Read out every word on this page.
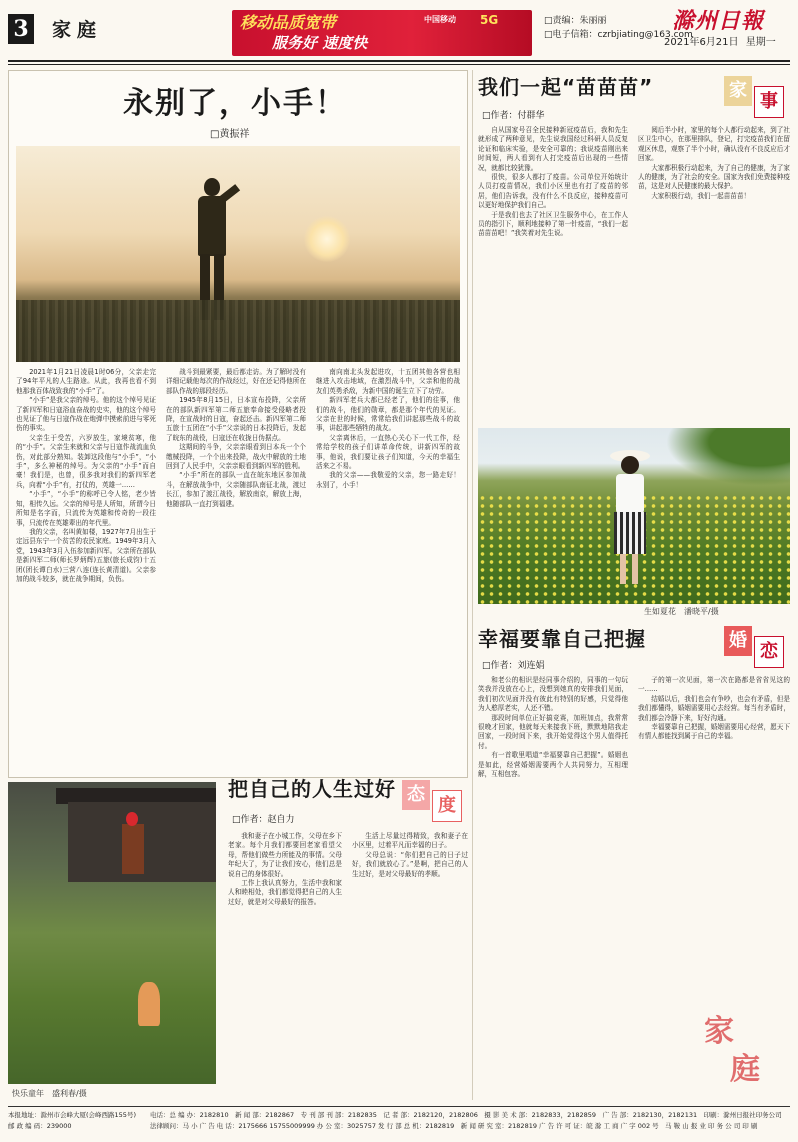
3 家庭	移动品质宽带
服务好 速度快
中国移动 5G	□责编：朱丽丽
□电子信箱：czrbjiating@163.com
滁州日報
2021年6月21日 星期一
永别了，小手！
□黄振祥

2021年1月21日凌晨1时06分，父亲走完了94年平凡的人生路途。从此，我再也看不到他那我百体战致我的“小手”了。

“小手”是我父亲的绰号。他的这个绰号见证了新四军和日寇浴血奋战的史实，他的这个绰号也见证了他与日寇作战在炮弹中摸索前进与零死伤的事实。

父亲生于受苦，六岁放生，家境贫寒，他的“小手”。父亲生来就和父亲与日寇作战流血负伤，对此部分熟知。装卸这段他与“小手”，“小手”，多么神秘的绰号。为父亲的“小手”而自豪！我们是，也曾，很多我对我们的新四军老兵，向着“小手”有，打仗的，英雄一……

“小手”，“小手”的称呼已令人铭，老少皆知，相传久远。父亲的绰号是人所知，所谓今日所知是名字而，只流传为英雄和传奇的一段往事，只流传在英雄辈出的年代里。

我的父亲，名叫黄如楼，1927年7月出生于定远县东宁一个贫苦的农民家庭。1949年3月入党，1943年3月入伍参加新四军。父亲所在部队是新四军二师(师长罗炳辉)五旅(旅长成钧)十五团(团长谭白水)三营八连(连长黄清道)。父亲参加的战斗较多，就在战争期间，负伤。

战斗到最紧要，最后都走访。为了解时没有详细记载他每次的作战经过，好在还记得他所在部队作战的那段经历。

1945年8月15日，日本宣布投降，父亲所在的部队新四军第二师五旅奉命接受侵略者投降，在宣战时的日寇，奋起还击。新四军第二师五旅十五团在“小手”父亲说的日本投降后，发起了皖东的战役，日寇还在收拢日伪据点。

这期间的斗争，父亲亲眼看到日本兵一个个缴械投降，一个个出来投降，战火中解放的土地回到了人民手中，父亲亲眼看到新四军的胜利。

“小手”所在的部队一直在皖东地区参加战斗，在解放战争中，父亲随部队南征北战，渡过长江，参加了渡江战役，解放南京，解放上海，他随部队一直打到福建。

南向南北头发起进攻，十五团其他各营也相继进入攻击地域，在激烈战斗中，父亲和他的战友们英勇杀敌，为新中国的诞生立下了功劳。

新四军老兵大都已经老了，他们的往事，他们的战斗，他们的勋章，都是那个年代的见证。父亲在世的时候，常常给我们讲起那些战斗的故事，讲起那些牺牲的战友。

父亲离休后，一直热心关心下一代工作，经常给学校的孩子们讲革命传统，讲新四军的故事，他说，我们要让孩子们知道，今天的幸福生活来之不易。

我的父亲——我敬爱的父亲，您一路走好！永别了，小手！

我们一起“苗苗苗”	家
事
□作者：付群华

自从国家号召全民接种新冠疫苗后，我和先生就形成了两种意见，先生说我国经过科研人员反复论证和临床实验，是安全可靠的；我说疫苗刚出来时间短，两人看到有人打完疫苗后出现的一些情况，就都比较犹豫。

很快，很多人都打了疫苗。公司单位开始统计人员打疫苗情况，我们小区里也有打了疫苗的邻居，他们告诉我，没有什么不良反应，接种疫苗可以更好地保护我们自己。

于是我们也去了社区卫生服务中心，在工作人员的指引下，顺利地接种了第一针疫苗，“我们一起苗苗苗吧！”我笑着对先生说。

阅后半小时，家里的每个人都行动起来，到了社区卫生中心，在那里排队，登记，打完疫苗我们在留观区休息，观察了半个小时，确认没有不良反应后才回家。

大家都积极行动起来，为了自己的健康，为了家人的健康，为了社会的安全。国家为我们免费接种疫苗，这是对人民健康的最大保护。

大家积极行动，我们一起苗苗苗！

生如夏花　潘晓平/摄
幸福要靠自己把握	婚
恋
□作者：刘连娟

和老公的相识是经同事介绍的，同事的一句玩笑我并没放在心上，没想到她真的安排我们见面，我们初次见面并没有彼此有特别的好感，只觉得他为人憨厚老实，人还不错。

那段时间单位正好搞竞赛，加班加点，我常常很晚才回家，他就每天来接我下班，默默地陪我走回家，一段时间下来，我开始觉得这个男人值得托付。

有一首歌里唱道“幸福要靠自己把握”。婚姻也是如此，经营婚姻需要两个人共同努力，互相理解，互相包容。

子的第一次见面，第一次在路都是省省见这的一……

结婚以后，我们也会有争吵，也会有矛盾，但是我们都懂得，婚姻需要用心去经营。每当有矛盾时，我们都会冷静下来，好好沟通。

幸福要靠自己把握，婚姻需要用心经营，愿天下有情人都能找到属于自己的幸福。

家
庭
快乐童年　盛利春/摄
把自己的人生过好 态
度
□作者：赵自力

我和妻子在小城工作，父母在乡下老家。每个月我们都要回老家看望父母，帮他们做些力所能及的事情。父母年纪大了，为了让我们安心，他们总是说自己的身体很好。

工作上我认真努力，生活中我和家人和睦相处，我们都觉得把自己的人生过好，就是对父母最好的报答。

生活上尽量过得精致，我和妻子在小区里，过着平凡而幸福的日子。

父母总说：“你们把自己的日子过好，我们就放心了。”是啊，把自己的人生过好，是对父母最好的孝顺。

本报地址：滁州市会峰大厦(会峰西路155号)
邮 政 编 码：239000
电话：总 编 办：2182810　新 闻 部：2182867　专 刊 部 刊 部：2182835　记 者 部：2182120，2182806　摄 影 美 术 部：2182833，2182859　广 告 部：2182130，2182131　印刷：滁州日报社印务公司
法律顾问：马 小 广 告 电 话：2175666 15755009999 办 公 室：3025757 发 行 部 总 机：2182819　新 闻 研 究 室：2182819 广 告 许 可 证：皖 滁 工 商 广 字 002 号　马 鞍 山 报 业 印 务 公 司 印 刷
